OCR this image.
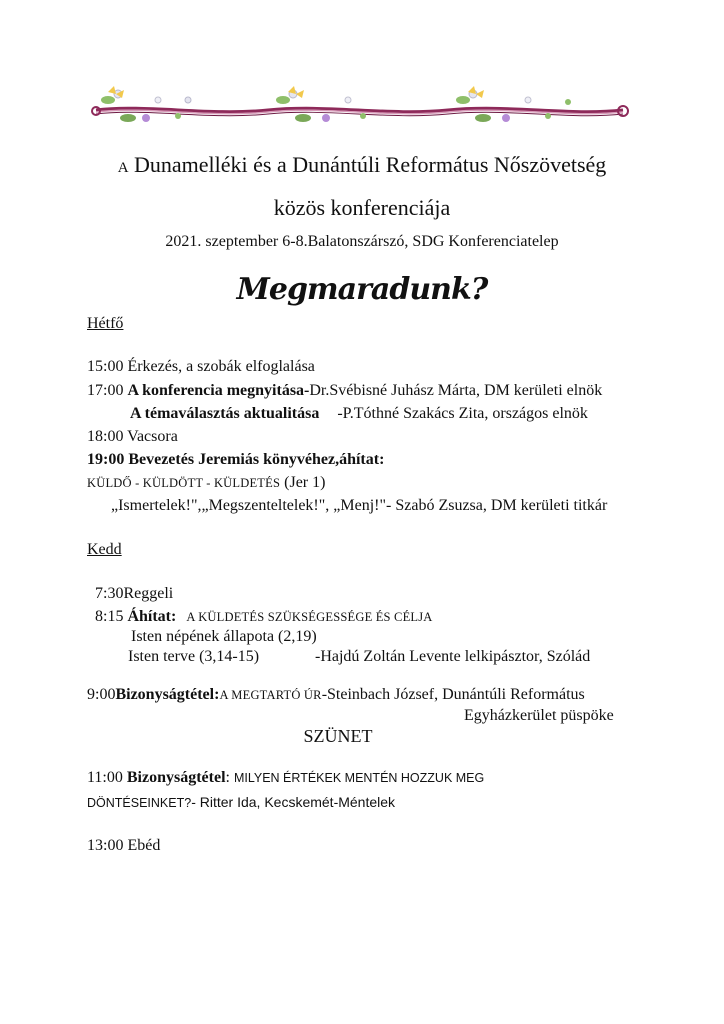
A Dunamelléki és a Dunántúli Református Nőszövetség
közös konferenciája
2021. szeptember 6-8.Balatonszárszó, SDG Konferenciatelep
Megmaradunk?
Hétfő
15:00 Érkezés, a szobák elfoglalása
17:00 A konferencia megnyitása-Dr.Svébisné Juhász Márta, DM kerületi elnök
A témaválasztás aktualitása -P.Tóthné Szakács Zita, országos elnök
18:00 Vacsora
19:00 Bevezetés Jeremiás könyvéhez,áhítat:
KÜLDŐ - KÜLDÖTT - KÜLDETÉS (Jer 1)
„Ismertelek!",„Megszenteltelek!", „Menj!"- Szabó Zsuzsa, DM kerületi titkár
Kedd
7:30Reggeli
8:15 Áhítat: A KÜLDETÉS SZÜKSÉGESSÉGE ÉS CÉLJA
Isten népének állapota (2,19)
Isten terve (3,14-15)	-Hajdú Zoltán Levente lelkipásztor, Szólád
9:00Bizonyságtétel:A MEGTARTÓ ÚR-Steinbach József, Dunántúli Református
Egyházkerület püspöke
SZÜNET
11:00 Bizonyságtétel: MILYEN ÉRTÉKEK MENTÉN HOZZUK MEG
DÖNTÉSEINKET?- Ritter Ida, Kecskemét-Méntelek
13:00 Ebéd
